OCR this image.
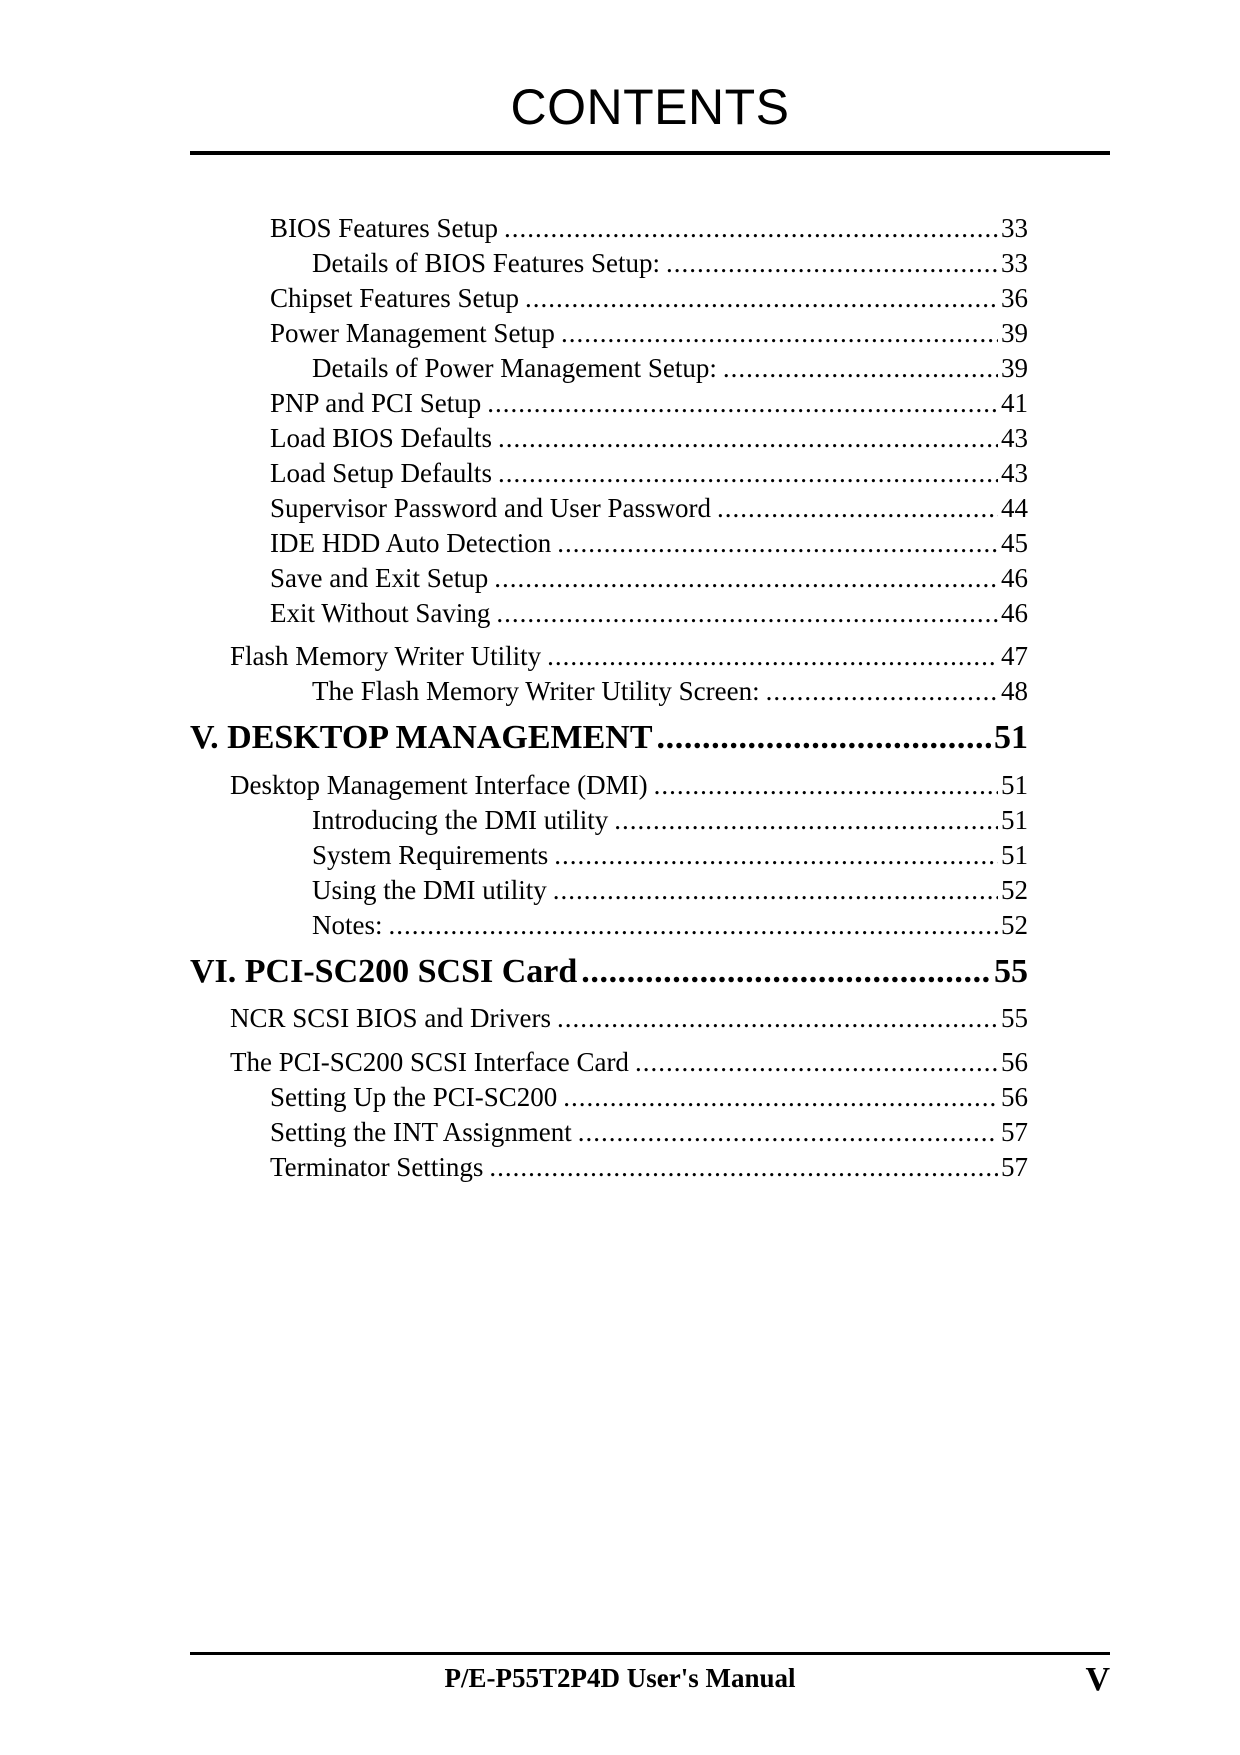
CONTENTS
BIOS Features Setup .....	33
Details of BIOS Features Setup: .....	33
Chipset Features Setup .....	36
Power Management Setup .....	39
Details of Power Management Setup: .....	39
PNP and PCI Setup .....	41
Load BIOS Defaults .....	43
Load Setup Defaults .....	43
Supervisor Password and User Password .....	44
IDE HDD Auto Detection .....	45
Save and Exit Setup .....	46
Exit Without Saving .....	46
Flash Memory Writer Utility .....	47
The Flash Memory Writer Utility Screen: .....	48
V. DESKTOP MANAGEMENT .....	51
Desktop Management Interface (DMI) .....	51
Introducing the DMI utility .....	51
System Requirements .....	51
Using the DMI utility .....	52
Notes: .....	52
VI. PCI-SC200 SCSI Card .....	55
NCR SCSI BIOS and Drivers .....	55
The PCI-SC200 SCSI Interface Card .....	56
Setting Up the PCI-SC200 .....	56
Setting the INT Assignment .....	57
Terminator Settings .....	57
P/E-P55T2P4D User's Manual	V
